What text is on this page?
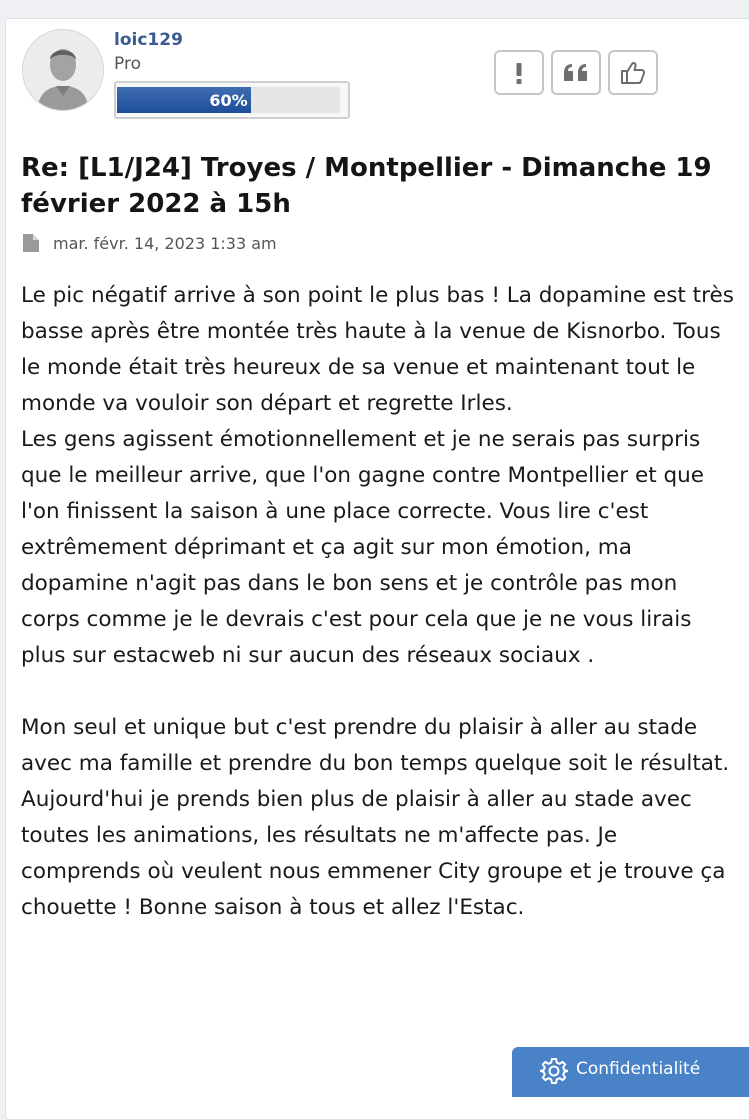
loic129
Pro
60%
Re: [L1/J24] Troyes / Montpellier - Dimanche 19 février 2022 à 15h
mar. févr. 14, 2023 1:33 am

Le pic négatif arrive à son point le plus bas ! La dopamine est très basse après être montée très haute à la venue de Kisnorbo. Tous le monde était très heureux de sa venue et maintenant tout le monde va vouloir son départ et regrette Irles.

Les gens agissent émotionnellement et je ne serais pas surpris que le meilleur arrive, que l'on gagne contre Montpellier et que l'on finissent la saison à une place correcte. Vous lire c'est extrêmement déprimant et ça agit sur mon émotion, ma dopamine n'agit pas dans le bon sens et je contrôle pas mon corps comme je le devrais c'est pour cela que je ne vous lirais plus sur estacweb ni sur aucun des réseaux sociaux .

Mon seul et unique but c'est prendre du plaisir à aller au stade avec ma famille et prendre du bon temps quelque soit le résultat. Aujourd'hui je prends bien plus de plaisir à aller au stade avec toutes les animations, les résultats ne m'affecte pas. Je comprends où veulent nous emmener City groupe et je trouve ça chouette ! Bonne saison à tous et allez l'Estac.

Confidentialité
